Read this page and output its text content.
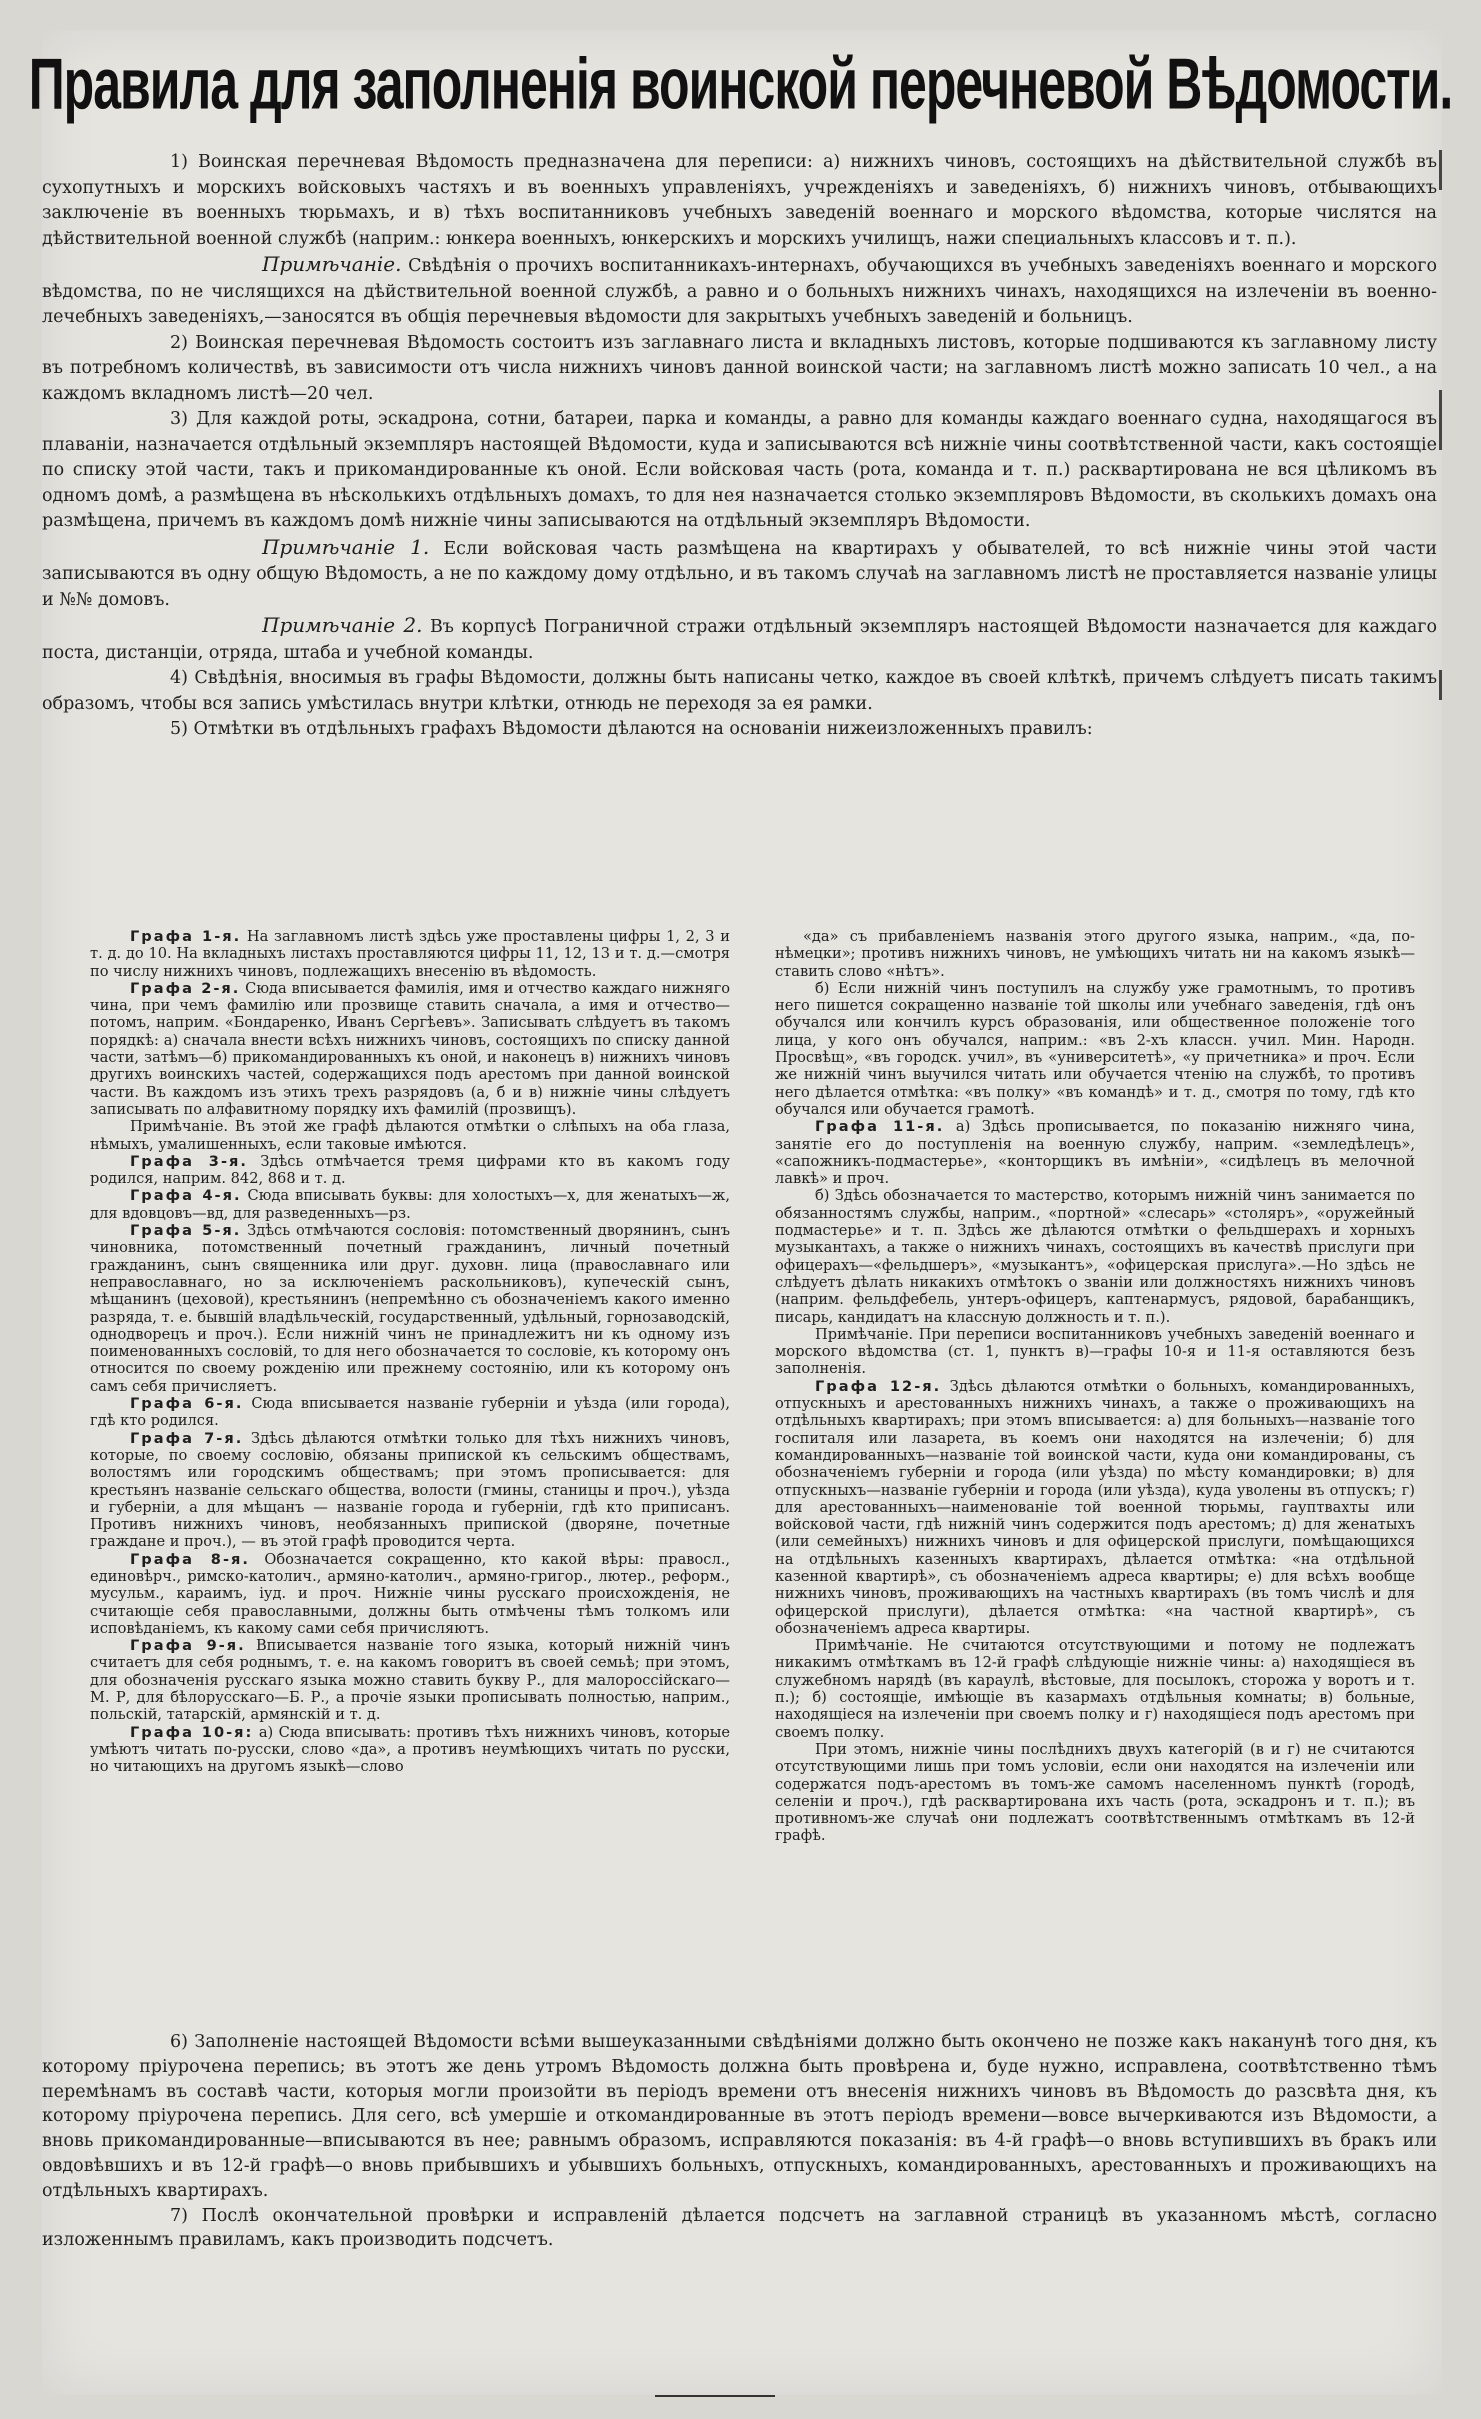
Правила для заполненія воинской перечневой Вѣдомости.

1) Воинская перечневая Вѣдомость предназначена для переписи: а) нижнихъ чиновъ, состоящихъ на дѣйствительной службѣ въ сухопутныхъ и морскихъ войсковыхъ частяхъ и въ военныхъ управленіяхъ, учрежденіяхъ и заведеніяхъ, б) нижнихъ чиновъ, отбывающихъ заключеніе въ военныхъ тюрьмахъ, и в) тѣхъ воспитанниковъ учебныхъ заведеній военнаго и морского вѣдомства, которые числятся на дѣйствительной военной службѣ (наприм.: юнкера военныхъ, юнкерскихъ и морскихъ училищъ, нажи специальныхъ классовъ и т. п.).

Примѣчаніе. Свѣдѣнія о прочихъ воспитанникахъ-интернахъ, обучающихся въ учебныхъ заведеніяхъ военнаго и морского вѣдомства, по не числящихся на дѣйствительной военной службѣ, а равно и о больныхъ нижнихъ чинахъ, находящихся на излеченіи въ военно-лечебныхъ заведеніяхъ,—заносятся въ общія перечневыя вѣдомости для закрытыхъ учебныхъ заведеній и больницъ.

2) Воинская перечневая Вѣдомость состоитъ изъ заглавнаго листа и вкладныхъ листовъ, которые подшиваются къ заглавному листу въ потребномъ количествѣ, въ зависимости отъ числа нижнихъ чиновъ данной воинской части; на заглавномъ листѣ можно записать 10 чел., а на каждомъ вкладномъ листѣ—20 чел.

3) Для каждой роты, эскадрона, сотни, батареи, парка и команды, а равно для команды каждаго военнаго судна, находящагося въ плаваніи, назначается отдѣльный экземпляръ настоящей Вѣдомости, куда и записываются всѣ нижніе чины соотвѣтственной части, какъ состоящіе по списку этой части, такъ и прикомандированные къ оной. Если войсковая часть (рота, команда и т. п.) расквартирована не вся цѣликомъ въ одномъ домѣ, а размѣщена въ нѣсколькихъ отдѣльныхъ домахъ, то для нея назначается столько экземпляровъ Вѣдомости, въ сколькихъ домахъ она размѣщена, причемъ въ каждомъ домѣ нижніе чины записываются на отдѣльный экземпляръ Вѣдомости.

Примѣчаніе 1. Если войсковая часть размѣщена на квартирахъ у обывателей, то всѣ нижніе чины этой части записываются въ одну общую Вѣдомость, а не по каждому дому отдѣльно, и въ такомъ случаѣ на заглавномъ листѣ не проставляется названіе улицы и №№ домовъ.

Примѣчаніе 2. Въ корпусѣ Пограничной стражи отдѣльный экземпляръ настоящей Вѣдомости назначается для каждаго поста, дистанціи, отряда, штаба и учебной команды.

4) Свѣдѣнія, вносимыя въ графы Вѣдомости, должны быть написаны четко, каждое въ своей клѣткѣ, причемъ слѣдуетъ писать такимъ образомъ, чтобы вся запись умѣстилась внутри клѣтки, отнюдь не переходя за ея рамки.

5) Отмѣтки въ отдѣльныхъ графахъ Вѣдомости дѣлаются на основаніи нижеизложенныхъ правилъ:

Графа 1-я. На заглавномъ листѣ здѣсь уже проставлены цифры 1, 2, 3 и т. д. до 10. На вкладныхъ листахъ проставляются цифры 11, 12, 13 и т. д.—смотря по числу нижнихъ чиновъ, подлежащихъ внесенію въ вѣдомость.

Графа 2-я. Сюда вписывается фамилія, имя и отчество каждаго нижняго чина, при чемъ фамилію или прозвище ставить сначала, а имя и отчество—потомъ, наприм. «Бондаренко, Иванъ Сергѣевъ». Записывать слѣдуетъ въ такомъ порядкѣ: а) сначала внести всѣхъ нижнихъ чиновъ, состоящихъ по списку данной части, затѣмъ—б) прикомандированныхъ къ оной, и наконецъ в) нижнихъ чиновъ другихъ воинскихъ частей, содержащихся подъ арестомъ при данной воинской части. Въ каждомъ изъ этихъ трехъ разрядовъ (а, б и в) нижніе чины слѣдуетъ записывать по алфавитному порядку ихъ фамилій (прозвищъ).

Примѣчаніе. Въ этой же графѣ дѣлаются отмѣтки о слѣпыхъ на оба глаза, нѣмыхъ, умалишенныхъ, если таковые имѣются.

Графа 3-я. Здѣсь отмѣчается тремя цифрами кто въ какомъ году родился, наприм. 842, 868 и т. д.

Графа 4-я. Сюда вписывать буквы: для холостыхъ—х, для женатыхъ—ж, для вдовцовъ—вд, для разведенныхъ—рз.

Графа 5-я. Здѣсь отмѣчаются сословія: потомственный дворянинъ, сынъ чиновника, потомственный почетный гражданинъ, личный почетный гражданинъ, сынъ священника или друг. духовн. лица (православнаго или неправославнаго, но за исключеніемъ раскольниковъ), купеческій сынъ, мѣщанинъ (цеховой), крестьянинъ (непремѣнно съ обозначеніемъ какого именно разряда, т. е. бывшій владѣльческій, государственный, удѣльный, горнозаводскій, однодворецъ и проч.). Если нижній чинъ не принадлежитъ ни къ одному изъ поименованныхъ сословій, то для него обозначается то сословіе, къ которому онъ относится по своему рожденію или прежнему состоянію, или къ которому онъ самъ себя причисляетъ.

Графа 6-я. Сюда вписывается названіе губерніи и уѣзда (или города), гдѣ кто родился.

Графа 7-я. Здѣсь дѣлаются отмѣтки только для тѣхъ нижнихъ чиновъ, которые, по своему сословію, обязаны припиской къ сельскимъ обществамъ, волостямъ или городскимъ обществамъ; при этомъ прописывается: для крестьянъ названіе сельскаго общества, волости (гмины, станицы и проч.), уѣзда и губерніи, а для мѣщанъ — названіе города и губерніи, гдѣ кто приписанъ. Противъ нижнихъ чиновъ, необязанныхъ припиской (дворяне, почетные граждане и проч.), — въ этой графѣ проводится черта.

Графа 8-я. Обозначается сокращенно, кто какой вѣры: правосл., единовѣрч., римско-католич., армяно-католич., армяно-григор., лютер., реформ., мусульм., караимъ, іуд. и проч. Нижніе чины русскаго происхожденія, не считающіе себя православными, должны быть отмѣчены тѣмъ толкомъ или исповѣданіемъ, къ какому сами себя причисляютъ.

Графа 9-я. Вписывается названіе того языка, который нижній чинъ считаетъ для себя роднымъ, т. е. на какомъ говоритъ въ своей семьѣ; при этомъ, для обозначенія русскаго языка можно ставить букву Р., для малороссійскаго—М. Р, для бѣлорусскаго—Б. Р., а прочіе языки прописывать полностью, наприм., польскій, татарскій, армянскій и т. д.

Графа 10-я: а) Сюда вписывать: противъ тѣхъ нижнихъ чиновъ, которые умѣютъ читать по-русски, слово «да», а противъ неумѣющихъ читать по русски, но читающихъ на другомъ языкѣ—слово

«да» съ прибавленіемъ названія этого другого языка, наприм., «да, по-нѣмецки»; противъ нижнихъ чиновъ, не умѣющихъ читать ни на какомъ языкѣ—ставить слово «нѣтъ».

б) Если нижній чинъ поступилъ на службу уже грамотнымъ, то противъ него пишется сокращенно названіе той школы или учебнаго заведенія, гдѣ онъ обучался или кончилъ курсъ образованія, или общественное положеніе того лица, у кого онъ обучался, наприм.: «въ 2-хъ классн. учил. Мин. Народн. Просвѣщ», «въ городск. учил», въ «университетѣ», «у причетника» и проч. Если же нижній чинъ выучился читать или обучается чтенію на службѣ, то противъ него дѣлается отмѣтка: «въ полку» «въ командѣ» и т. д., смотря по тому, гдѣ кто обучался или обучается грамотѣ.

Графа 11-я. а) Здѣсь прописывается, по показанію нижняго чина, занятіе его до поступленія на военную службу, наприм. «земледѣлецъ», «сапожникъ-подмастерье», «конторщикъ въ имѣніи», «сидѣлецъ въ мелочной лавкѣ» и проч.

б) Здѣсь обозначается то мастерство, которымъ нижній чинъ занимается по обязанностямъ службы, наприм., «портной» «слесарь» «столяръ», «оружейный подмастерье» и т. п. Здѣсь же дѣлаются отмѣтки о фельдшерахъ и хорныхъ музыкантахъ, а также о нижнихъ чинахъ, состоящихъ въ качествѣ прислуги при офицерахъ—«фельдшеръ», «музыкантъ», «офицерская прислуга».—Но здѣсь не слѣдуетъ дѣлать никакихъ отмѣтокъ о званіи или должностяхъ нижнихъ чиновъ (наприм. фельдфебель, унтеръ-офицеръ, каптенармусъ, рядовой, барабанщикъ, писарь, кандидатъ на классную должность и т. п.).

Примѣчаніе. При переписи воспитанниковъ учебныхъ заведеній военнаго и морского вѣдомства (ст. 1, пунктъ в)—графы 10-я и 11-я оставляются безъ заполненія.

Графа 12-я. Здѣсь дѣлаются отмѣтки о больныхъ, командированныхъ, отпускныхъ и арестованныхъ нижнихъ чинахъ, а также о проживающихъ на отдѣльныхъ квартирахъ; при этомъ вписывается: а) для больныхъ—названіе того госпиталя или лазарета, въ коемъ они находятся на излеченіи; б) для командированныхъ—названіе той воинской части, куда они командированы, съ обозначеніемъ губерніи и города (или уѣзда) по мѣсту командировки; в) для отпускныхъ—названіе губерніи и города (или уѣзда), куда уволены въ отпускъ; г) для арестованныхъ—наименованіе той военной тюрьмы, гауптвахты или войсковой части, гдѣ нижній чинъ содержится подъ арестомъ; д) для женатыхъ (или семейныхъ) нижнихъ чиновъ и для офицерской прислуги, помѣщающихся на отдѣльныхъ казенныхъ квартирахъ, дѣлается отмѣтка: «на отдѣльной казенной квартирѣ», съ обозначеніемъ адреса квартиры; е) для всѣхъ вообще нижнихъ чиновъ, проживающихъ на частныхъ квартирахъ (въ томъ числѣ и для офицерской прислуги), дѣлается отмѣтка: «на частной квартирѣ», съ обозначеніемъ адреса квартиры.

Примѣчаніе. Не считаются отсутствующими и потому не подлежатъ никакимъ отмѣткамъ въ 12-й графѣ слѣдующіе нижніе чины: а) находящіеся въ служебномъ нарядѣ (въ караулѣ, вѣстовые, для посылокъ, сторожа у воротъ и т. п.); б) состоящіе, имѣющіе въ казармахъ отдѣльныя комнаты; в) больные, находящіеся на излеченіи при своемъ полку и г) находящіеся подъ арестомъ при своемъ полку.

При этомъ, нижніе чины послѣднихъ двухъ категорій (в и г) не считаются отсутствующими лишь при томъ условіи, если они находятся на излеченіи или содержатся подъ-арестомъ въ томъ-же самомъ населенномъ пунктѣ (городѣ, селеніи и проч.), гдѣ расквартирована ихъ часть (рота, эскадронъ и т. п.); въ противномъ-же случаѣ они подлежатъ соотвѣтственнымъ отмѣткамъ въ 12-й графѣ.

6) Заполненіе настоящей Вѣдомости всѣми вышеуказанными свѣдѣніями должно быть окончено не позже какъ наканунѣ того дня, къ которому пріурочена перепись; въ этотъ же день утромъ Вѣдомость должна быть провѣрена и, буде нужно, исправлена, соотвѣтственно тѣмъ перемѣнамъ въ составѣ части, которыя могли произойти въ періодъ времени отъ внесенія нижнихъ чиновъ въ Вѣдомость до разсвѣта дня, къ которому пріурочена перепись. Для сего, всѣ умершіе и откомандированные въ этотъ періодъ времени—вовсе вычеркиваются изъ Вѣдомости, а вновь прикомандированные—вписываются въ нее; равнымъ образомъ, исправляются показанія: въ 4-й графѣ—о вновь вступившихъ въ бракъ или овдовѣвшихъ и въ 12-й графѣ—о вновь прибывшихъ и убывшихъ больныхъ, отпускныхъ, командированныхъ, арестованныхъ и проживающихъ на отдѣльныхъ квартирахъ.

7) Послѣ окончательной провѣрки и исправленій дѣлается подсчетъ на заглавной страницѣ въ указанномъ мѣстѣ, согласно изложеннымъ правиламъ, какъ производить подсчетъ.
